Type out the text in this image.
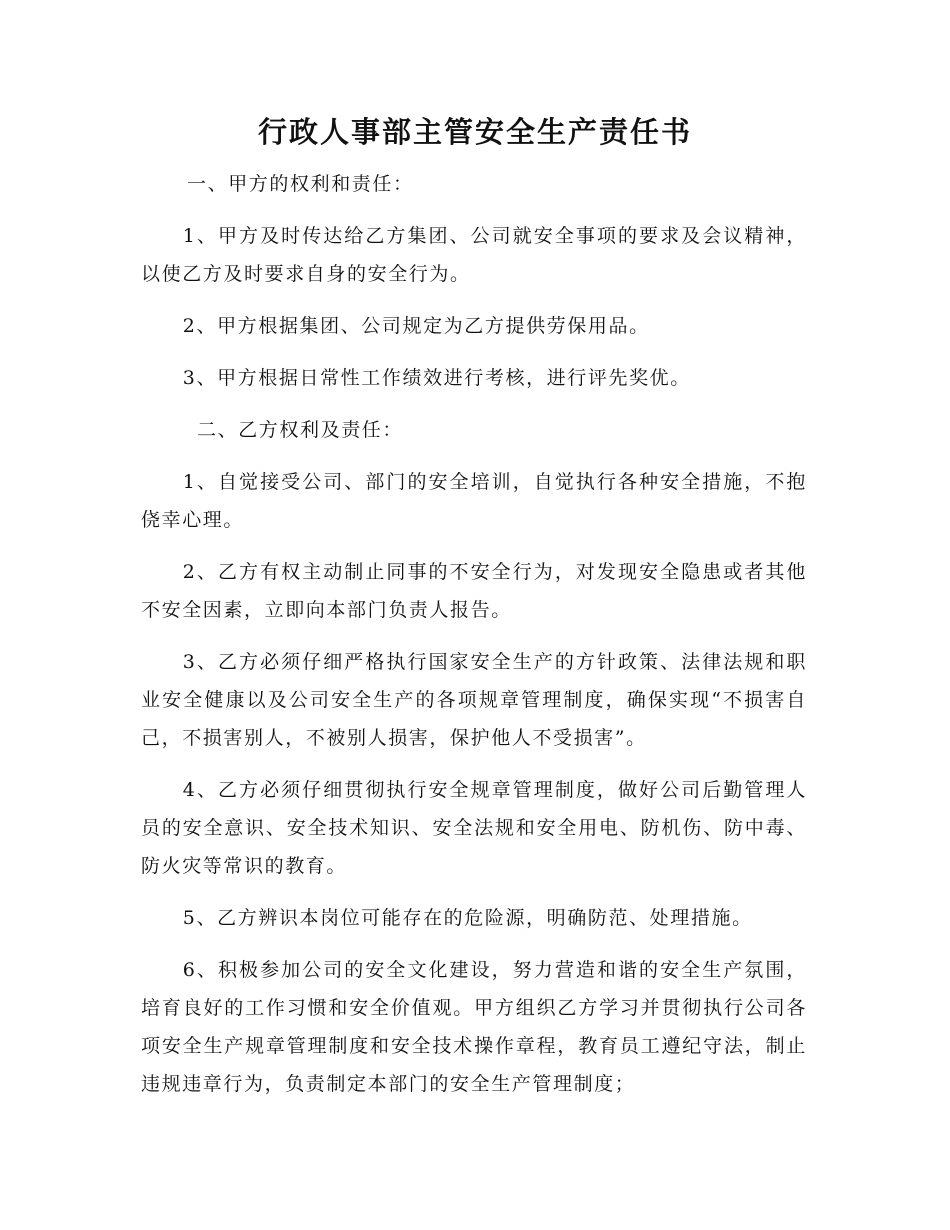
行政人事部主管安全生产责任书

一、甲方的权利和责任：

1、甲方及时传达给乙方集团、公司就安全事项的要求及会议精神，以使乙方及时要求自身的安全行为。

2、甲方根据集团、公司规定为乙方提供劳保用品。

3、甲方根据日常性工作绩效进行考核，进行评先奖优。

二、乙方权利及责任：

1、自觉接受公司、部门的安全培训，自觉执行各种安全措施，不抱侥幸心理。

2、乙方有权主动制止同事的不安全行为，对发现安全隐患或者其他不安全因素，立即向本部门负责人报告。

3、乙方必须仔细严格执行国家安全生产的方针政策、法律法规和职业安全健康以及公司安全生产的各项规章管理制度，确保实现“不损害自己，不损害别人，不被别人损害，保护他人不受损害”。

4、乙方必须仔细贯彻执行安全规章管理制度，做好公司后勤管理人员的安全意识、安全技术知识、安全法规和安全用电、防机伤、防中毒、防火灾等常识的教育。

5、乙方辨识本岗位可能存在的危险源，明确防范、处理措施。

6、积极参加公司的安全文化建设，努力营造和谐的安全生产氛围，培育良好的工作习惯和安全价值观。甲方组织乙方学习并贯彻执行公司各项安全生产规章管理制度和安全技术操作章程，教育员工遵纪守法，制止违规违章行为，负责制定本部门的安全生产管理制度；
